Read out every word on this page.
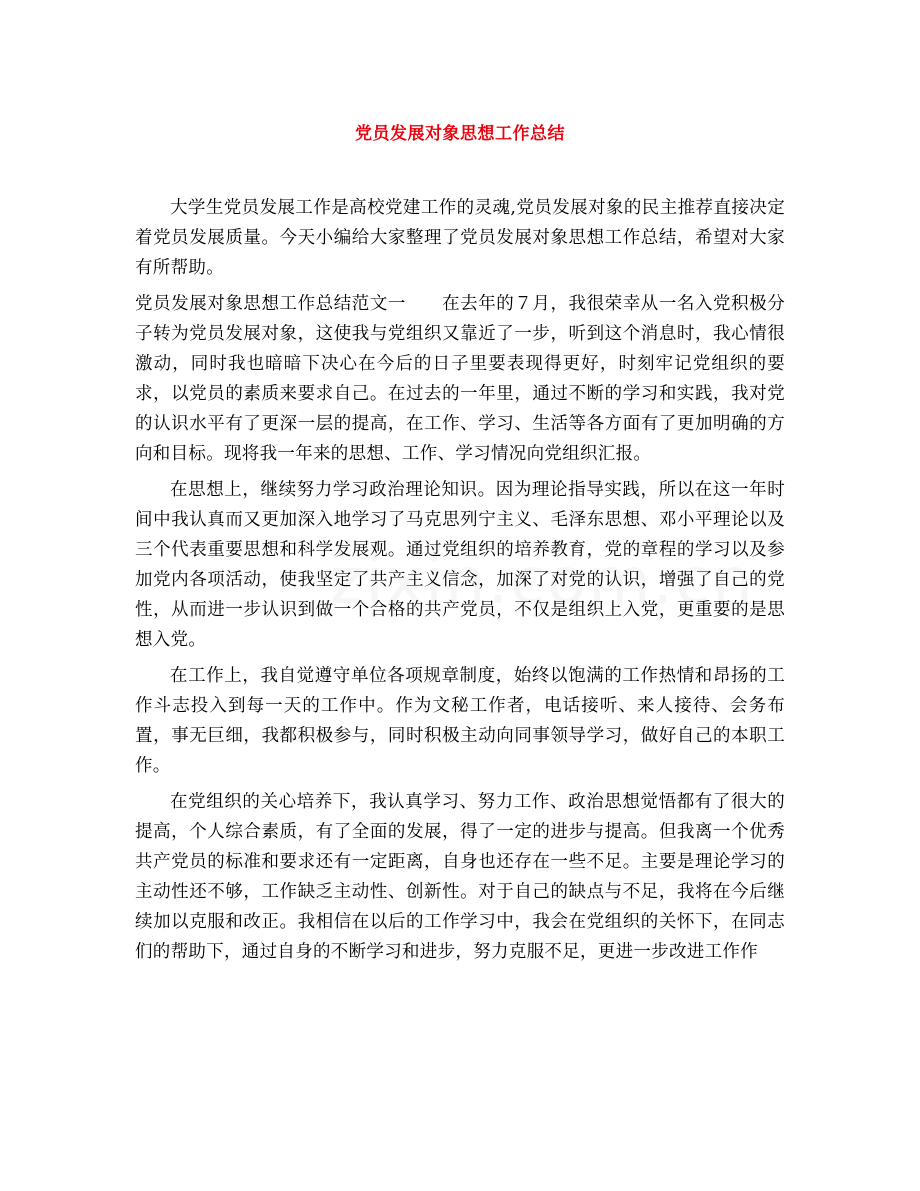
党员发展对象思想工作总结

大学生党员发展工作是高校党建工作的灵魂,党员发展对象的民主推荐直接决定着党员发展质量。今天小编给大家整理了党员发展对象思想工作总结，希望对大家有所帮助。

党员发展对象思想工作总结范文一　　在去年的７月，我很荣幸从一名入党积极分子转为党员发展对象，这使我与党组织又靠近了一步，听到这个消息时，我心情很激动，同时我也暗暗下决心在今后的日子里要表现得更好，时刻牢记党组织的要求，以党员的素质来要求自己。在过去的一年里，通过不断的学习和实践，我对党的认识水平有了更深一层的提高，在工作、学习、生活等各方面有了更加明确的方向和目标。现将我一年来的思想、工作、学习情况向党组织汇报。

在思想上，继续努力学习政治理论知识。因为理论指导实践，所以在这一年时间中我认真而又更加深入地学习了马克思列宁主义、毛泽东思想、邓小平理论以及三个代表重要思想和科学发展观。通过党组织的培养教育，党的章程的学习以及参加党内各项活动，使我坚定了共产主义信念，加深了对党的认识，增强了自己的党性，从而进一步认识到做一个合格的共产党员，不仅是组织上入党，更重要的是思想入党。

在工作上，我自觉遵守单位各项规章制度，始终以饱满的工作热情和昂扬的工作斗志投入到每一天的工作中。作为文秘工作者，电话接听、来人接待、会务布置，事无巨细，我都积极参与，同时积极主动向同事领导学习，做好自己的本职工作。

在党组织的关心培养下，我认真学习、努力工作、政治思想觉悟都有了很大的提高，个人综合素质，有了全面的发展，得了一定的进步与提高。但我离一个优秀共产党员的标准和要求还有一定距离，自身也还存在一些不足。主要是理论学习的主动性还不够，工作缺乏主动性、创新性。对于自己的缺点与不足，我将在今后继续加以克服和改正。我相信在以后的工作学习中，我会在党组织的关怀下，在同志们的帮助下，通过自身的不断学习和进步，努力克服不足，更进一步改进工作作
